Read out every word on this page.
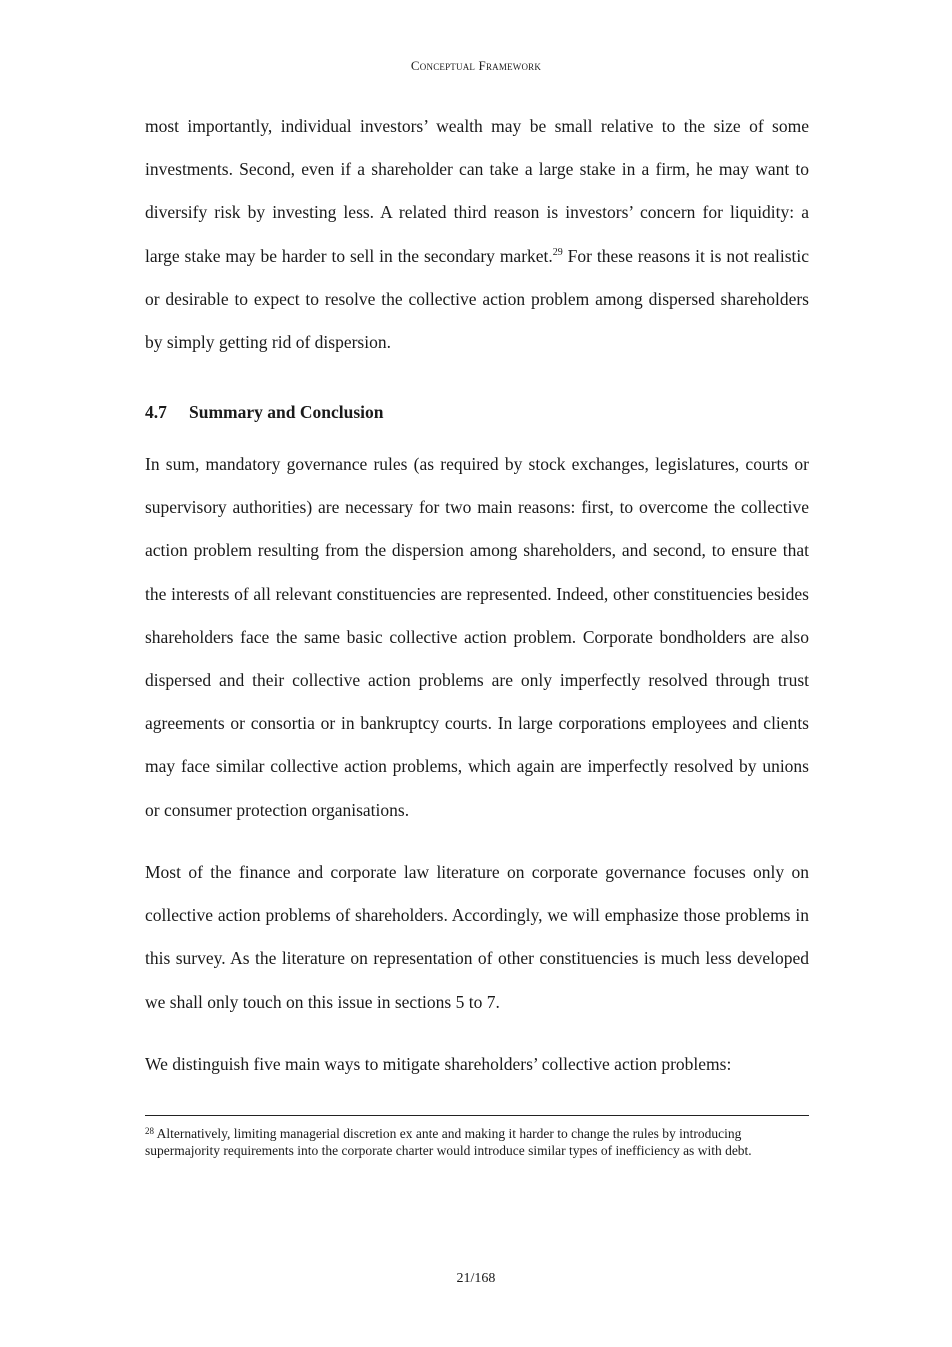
Conceptual Framework

most importantly, individual investors’ wealth may be small relative to the size of some investments. Second, even if a shareholder can take a large stake in a firm, he may want to diversify risk by investing less. A related third reason is investors’ concern for liquidity: a large stake may be harder to sell in the secondary market.$^{29}$ For these reasons it is not realistic or desirable to expect to resolve the collective action problem among dispersed shareholders by simply getting rid of dispersion.

4.7 Summary and Conclusion

In sum, mandatory governance rules (as required by stock exchanges, legislatures, courts or supervisory authorities) are necessary for two main reasons: first, to overcome the collective action problem resulting from the dispersion among shareholders, and second, to ensure that the interests of all relevant constituencies are represented. Indeed, other constituencies besides shareholders face the same basic collective action problem. Corporate bondholders are also dispersed and their collective action problems are only imperfectly resolved through trust agreements or consortia or in bankruptcy courts. In large corporations employees and clients may face similar collective action problems, which again are imperfectly resolved by unions or consumer protection organisations.

Most of the finance and corporate law literature on corporate governance focuses only on collective action problems of shareholders. Accordingly, we will emphasize those problems in this survey. As the literature on representation of other constituencies is much less developed we shall only touch on this issue in sections 5 to 7.

We distinguish five main ways to mitigate shareholders’ collective action problems:

$^{28}$ Alternatively, limiting managerial discretion ex ante and making it harder to change the rules by introducing supermajority requirements into the corporate charter would introduce similar types of inefficiency as with debt.

21/168
